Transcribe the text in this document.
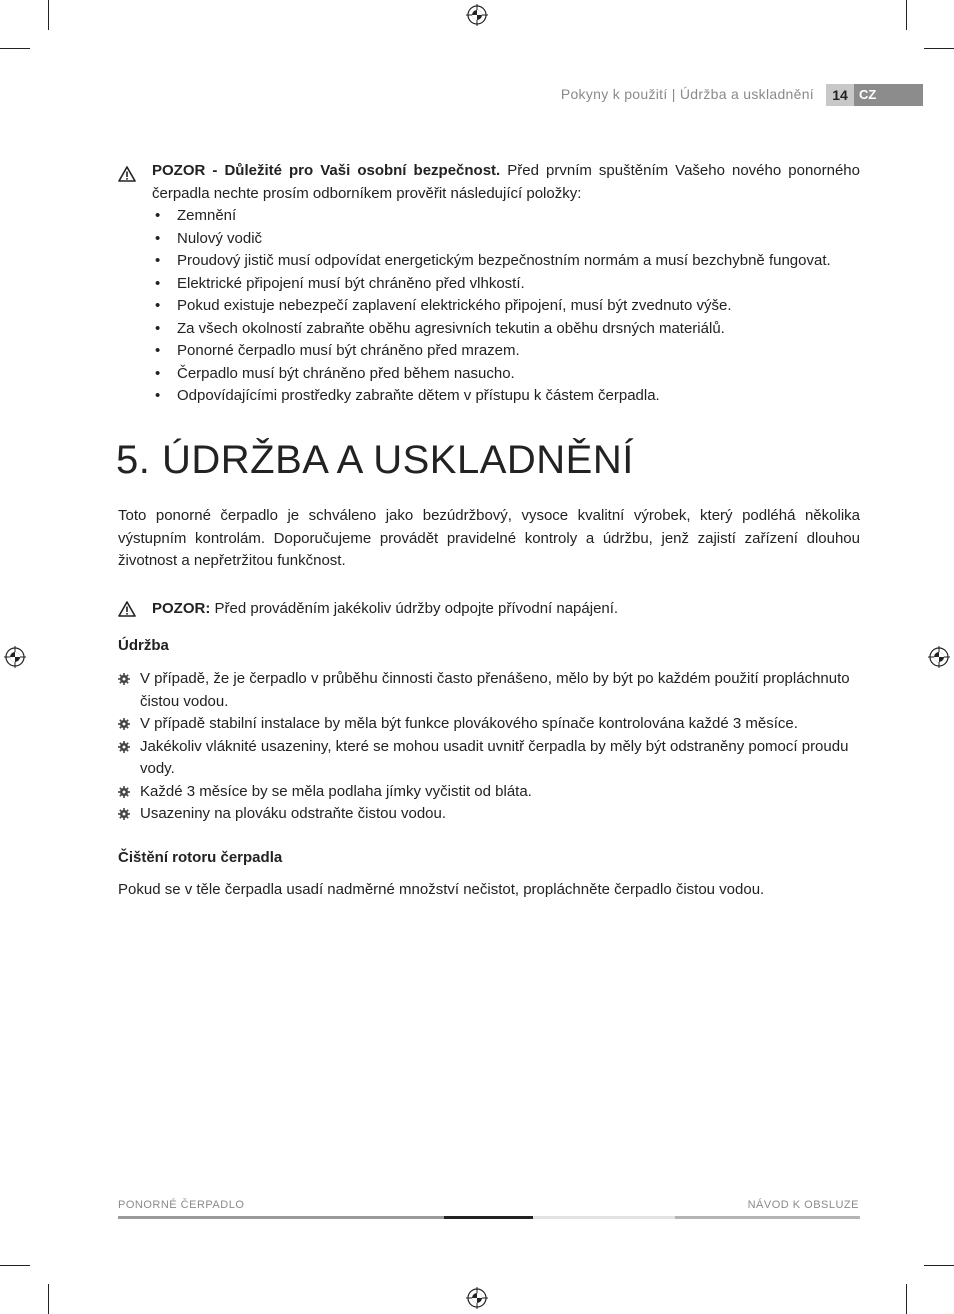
Pokyny k použití | Údržba a uskladnění	14 CZ
POZOR - Důležité pro Vaši osobní bezpečnost. Před prvním spuštěním Vašeho nového ponorného čerpadla nechte prosím odborníkem prověřit následující položky:
• Zemnění
• Nulový vodič
• Proudový jistič musí odpovídat energetickým bezpečnostním normám a musí bezchybně fungovat.
• Elektrické připojení musí být chráněno před vlhkostí.
• Pokud existuje nebezpečí zaplavení elektrického připojení, musí být zvednuto výše.
• Za všech okolností zabraňte oběhu agresivních tekutin a oběhu drsných materiálů.
• Ponorné čerpadlo musí být chráněno před mrazem.
• Čerpadlo musí být chráněno před během nasucho.
• Odpovídajícími prostředky zabraňte dětem v přístupu k částem čerpadla.
5. ÚDRŽBA A USKLADNĚNÍ
Toto ponorné čerpadlo je schváleno jako bezúdržbový, vysoce kvalitní výrobek, který podléhá několika výstupním kontrolám. Doporučujeme provádět pravidelné kontroly a údržbu, jenž zajistí zařízení dlouhou životnost a nepřetržitou funkčnost.
POZOR: Před prováděním jakékoliv údržby odpojte přívodní napájení.
Údržba
V případě, že je čerpadlo v průběhu činnosti často přenášeno, mělo by být po každém použití propláchnuto čistou vodou.
V případě stabilní instalace by měla být funkce plovákového spínače kontrolována každé 3 měsíce.
Jakékoliv vláknité usazeniny, které se mohou usadit uvnitř čerpadla by měly být odstraněny pomocí proudu vody.
Každé 3 měsíce by se měla podlaha jímky vyčistit od bláta.
Usazeniny na plováku odstraňte čistou vodou.
Čištění rotoru čerpadla
Pokud se v těle čerpadla usadí nadměrné množství nečistot, propláchněte čerpadlo čistou vodou.
PONORNÉ ČERPADLO	NÁVOD K OBSLUZE
